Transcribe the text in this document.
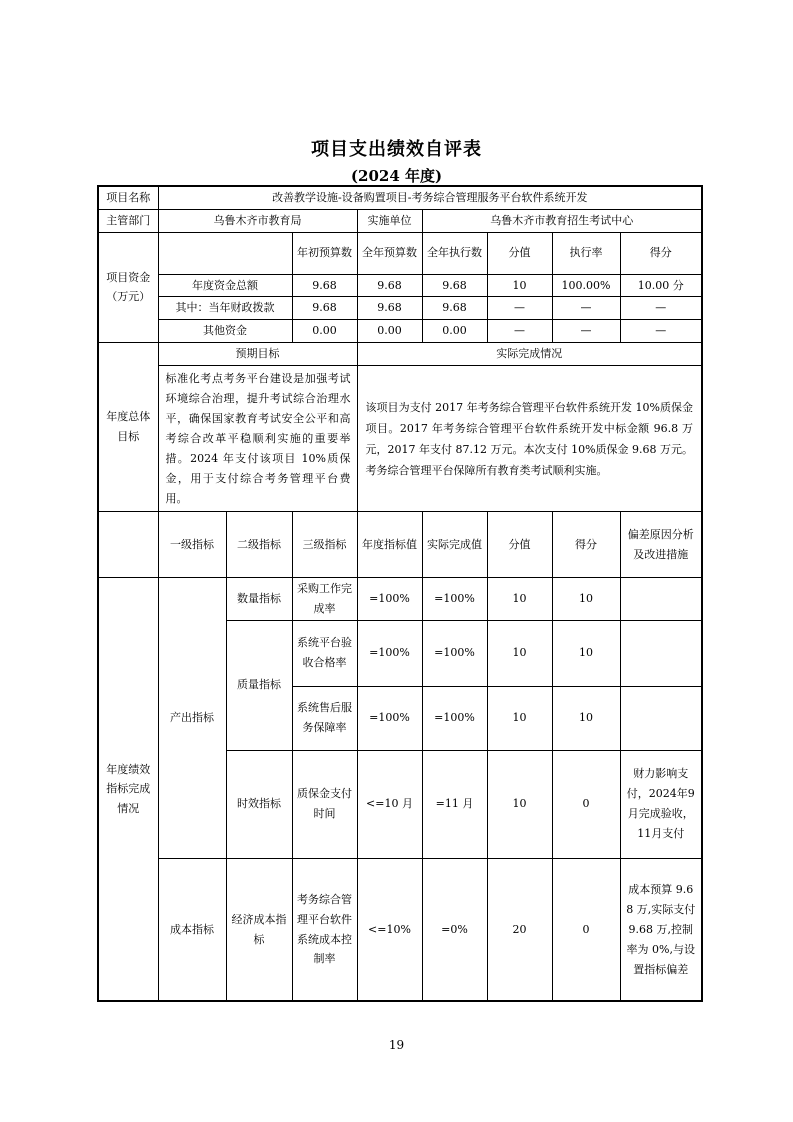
项目支出绩效自评表
(2024 年度)
项目名称	改善教学设施-设备购置项目-考务综合管理服务平台软件系统开发							
主管部门	乌鲁木齐市教育局			实施单位	乌鲁木齐市教育招生考试中心			
项目资金（万元）			年初预算数	全年预算数	全年执行数	分值	执行率	得分
	年度资金总额		9.68	9.68	9.68	10	100.00%	10.00 分
	其中：当年财政拨款		9.68	9.68	9.68	—	—	—
	其他资金		0.00	0.00	0.00	—	—	—
年度总体目标	预期目标			实际完成情况				
	标准化考点考务平台建设是加强考试环境综合治理，提升考试综合治理水平，确保国家教育考试安全公平和高考综合改革平稳顺利实施的重要举措。2024 年支付该项目 10%质保金，用于支付综合考务管理平台费用。			该项目为支付 2017 年考务综合管理平台软件系统开发 10%质保金项目。2017 年考务综合管理平台软件系统开发中标金额 96.8 万元，2017 年支付 87.12 万元。本次支付 10%质保金 9.68 万元。考务综合管理平台保障所有教育类考试顺利实施。				
	一级指标	二级指标	三级指标	年度指标值	实际完成值	分值	得分	偏差原因分析及改进措施
年度绩效指标完成情况	产出指标	数量指标	采购工作完成率	=100%	=100%	10	10	
		质量指标	系统平台验收合格率	=100%	=100%	10	10	
			系统售后服务保障率	=100%	=100%	10	10	
		时效指标	质保金支付时间	<=10 月	=11 月	10	0	财力影响支付，2024年9月完成验收，11月支付
	成本指标	经济成本指标	考务综合管理平台软件系统成本控制率	<=10%	=0%	20	0	成本预算 9.68 万,实际支付 9.68 万,控制率为 0%,与设置指标偏差
19
